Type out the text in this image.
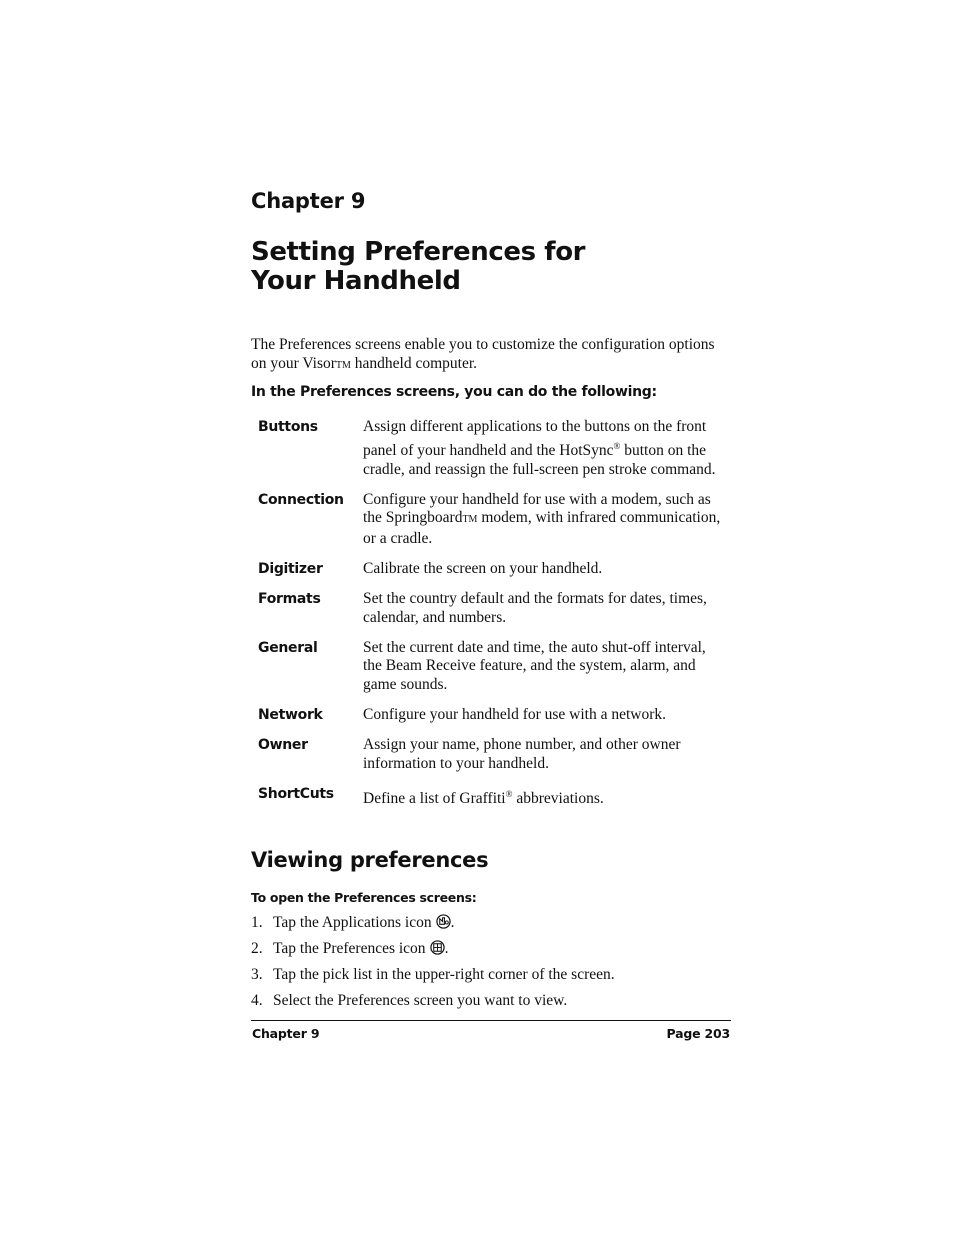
Chapter 9
Setting Preferences for
Your Handheld

The Preferences screens enable you to customize the configuration options on your VisorTM handheld computer.

In the Preferences screens, you can do the following:
Buttons	Assign different applications to the buttons on the front panel of your handheld and the HotSync® button on the cradle, and reassign the full-screen pen stroke command.
Connection	Configure your handheld for use with a modem, such as the SpringboardTM modem, with infrared communication, or a cradle.
Digitizer	Calibrate the screen on your handheld.
Formats	Set the country default and the formats for dates, times, calendar, and numbers.
General	Set the current date and time, the auto shut-off interval, the Beam Receive feature, and the system, alarm, and game sounds.
Network	Configure your handheld for use with a network.
Owner	Assign your name, phone number, and other owner information to your handheld.
ShortCuts	Define a list of Graffiti® abbreviations.
Viewing preferences
To open the Preferences screens:
1. Tap the Applications icon .
2. Tap the Preferences icon .
3. Tap the pick list in the upper-right corner of the screen.
4. Select the Preferences screen you want to view.
Chapter 9	Page 203
